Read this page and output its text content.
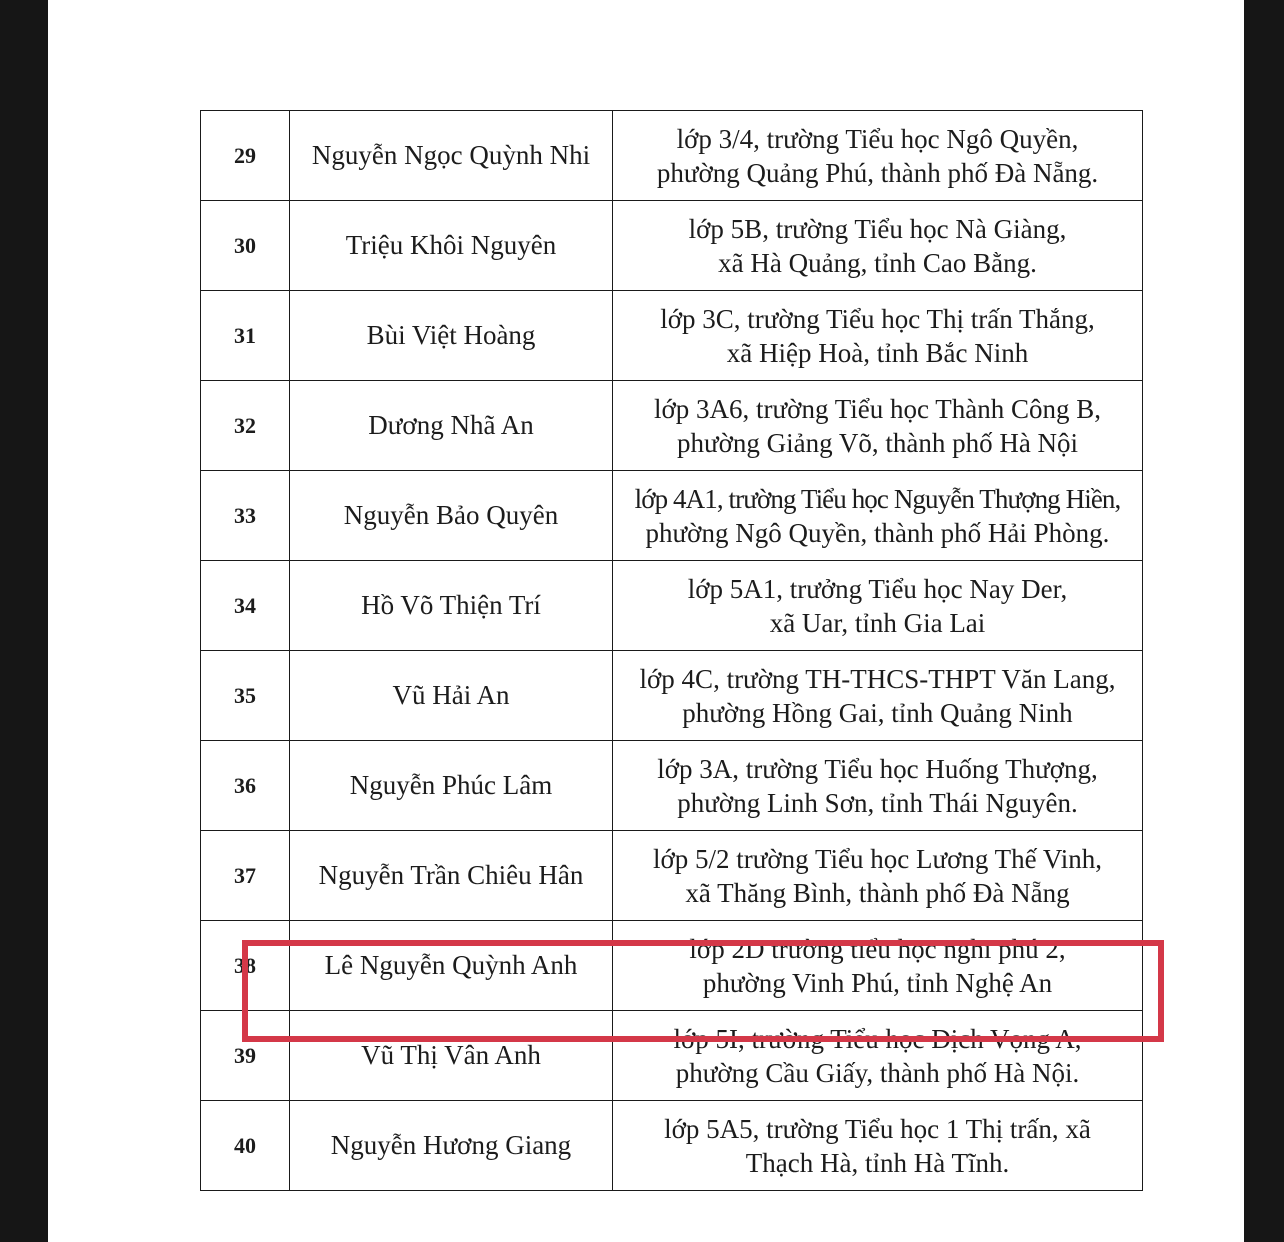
29	Nguyễn Ngọc Quỳnh Nhi	lớp 3/4, trường Tiểu học Ngô Quyền,
phường Quảng Phú, thành phố Đà Nẵng.

30	Triệu Khôi Nguyên	lớp 5B, trường Tiểu học Nà Giàng,
xã Hà Quảng, tỉnh Cao Bằng.

31	Bùi Việt Hoàng	lớp 3C, trường Tiểu học Thị trấn Thắng,
xã Hiệp Hoà, tỉnh Bắc Ninh

32	Dương Nhã An	lớp 3A6, trường Tiểu học Thành Công B,
phường Giảng Võ, thành phố Hà Nội

33	Nguyễn Bảo Quyên	lớp 4A1, trường Tiểu học Nguyễn Thượng Hiền,
phường Ngô Quyền, thành phố Hải Phòng.

34	Hồ Võ Thiện Trí	lớp 5A1, trưởng Tiểu học Nay Der,
xã Uar, tỉnh Gia Lai

35	Vũ Hải An	lớp 4C, trường TH-THCS-THPT Văn Lang,
phường Hồng Gai, tỉnh Quảng Ninh

36	Nguyễn Phúc Lâm	lớp 3A, trường Tiểu học Huống Thượng,
phường Linh Sơn, tỉnh Thái Nguyên.

37	Nguyễn Trần Chiêu Hân	lớp 5/2 trường Tiểu học Lương Thế Vinh,
xã Thăng Bình, thành phố Đà Nẵng

38	Lê Nguyễn Quỳnh Anh	lớp 2D trường tiểu học nghi phú 2,
phường Vinh Phú, tỉnh Nghệ An

39	Vũ Thị Vân Anh	lớp 5I, trường Tiểu học Dịch Vọng A,
phường Cầu Giấy, thành phố Hà Nội.

40	Nguyễn Hương Giang	lớp 5A5, trường Tiểu học 1 Thị trấn, xã
Thạch Hà, tỉnh Hà Tĩnh.
